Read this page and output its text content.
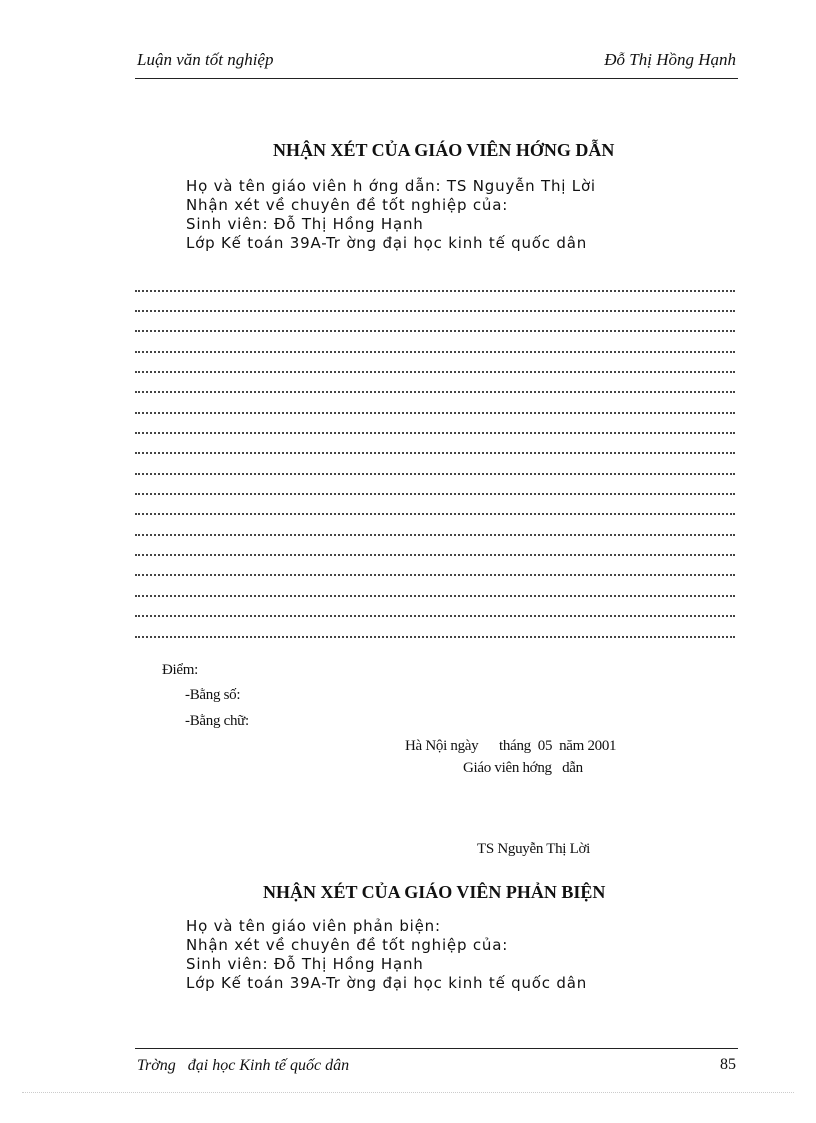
Luận văn tốt nghiệp	Đỗ Thị Hồng Hạnh
NHẬN XÉT CỦA GIÁO VIÊN HỚNG DẪN
Họ và tên giáo viên h ớng dẫn: TS Nguyễn Thị Lời
Nhận xét về chuyên đề tốt nghiệp của:
Sinh viên: Đỗ Thị Hồng Hạnh
Lớp Kế toán 39A-Tr ờng đại học kinh tế quốc dân
Điểm:
-Bằng số:
-Bằng chữ:
Hà Nội ngày      tháng  05  năm 2001
Giáo viên hớng   dẫn
TS Nguyễn Thị Lời
NHẬN XÉT CỦA GIÁO VIÊN PHẢN BIỆN
Họ và tên giáo viên phản biện:
Nhận xét về chuyên đề tốt nghiệp của:
Sinh viên: Đỗ Thị Hồng Hạnh
Lớp Kế toán 39A-Tr ờng đại học kinh tế quốc dân
Trờng   đại học Kinh tế quốc dân	85
